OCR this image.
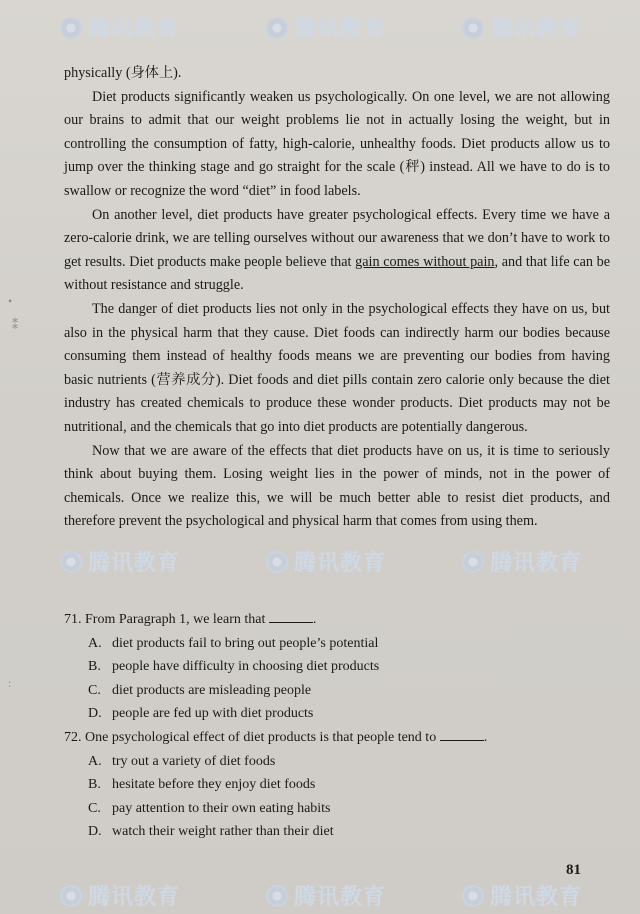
腾讯教育	腾讯教育	腾讯教育
腾讯教育	腾讯教育	腾讯教育
腾讯教育	腾讯教育	腾讯教育
•
⁑
:

physically (身体上).

Diet products significantly weaken us psychologically. On one level, we are not allowing our brains to admit that our weight problems lie not in actually losing the weight, but in controlling the consumption of fatty, high-calorie, unhealthy foods. Diet products allow us to jump over the thinking stage and go straight for the scale (秤) instead. All we have to do is to swallow or recognize the word “diet” in food labels.

On another level, diet products have greater psychological effects. Every time we have a zero-calorie drink, we are telling ourselves without our awareness that we don’t have to work to get results. Diet products make people believe that gain comes without pain, and that life can be without resistance and struggle.

The danger of diet products lies not only in the psychological effects they have on us, but also in the physical harm that they cause. Diet foods can indirectly harm our bodies because consuming them instead of healthy foods means we are preventing our bodies from having basic nutrients (营养成分). Diet foods and diet pills contain zero calorie only because the diet industry has created chemicals to produce these wonder products. Diet products may not be nutritional, and the chemicals that go into diet products are potentially dangerous.

Now that we are aware of the effects that diet products have on us, it is time to seriously think about buying them. Losing weight lies in the power of minds, not in the power of chemicals. Once we realize this, we will be much better able to resist diet products, and therefore prevent the psychological and physical harm that comes from using them.

71. From Paragraph 1, we learn that	.

A. diet products fail to bring out people’s potential

B. people have difficulty in choosing diet products

C. diet products are misleading people

D. people are fed up with diet products

72. One psychological effect of diet products is that people tend to	.

A. try out a variety of diet foods

B. hesitate before they enjoy diet foods

C. pay attention to their own eating habits

D. watch their weight rather than their diet

81
